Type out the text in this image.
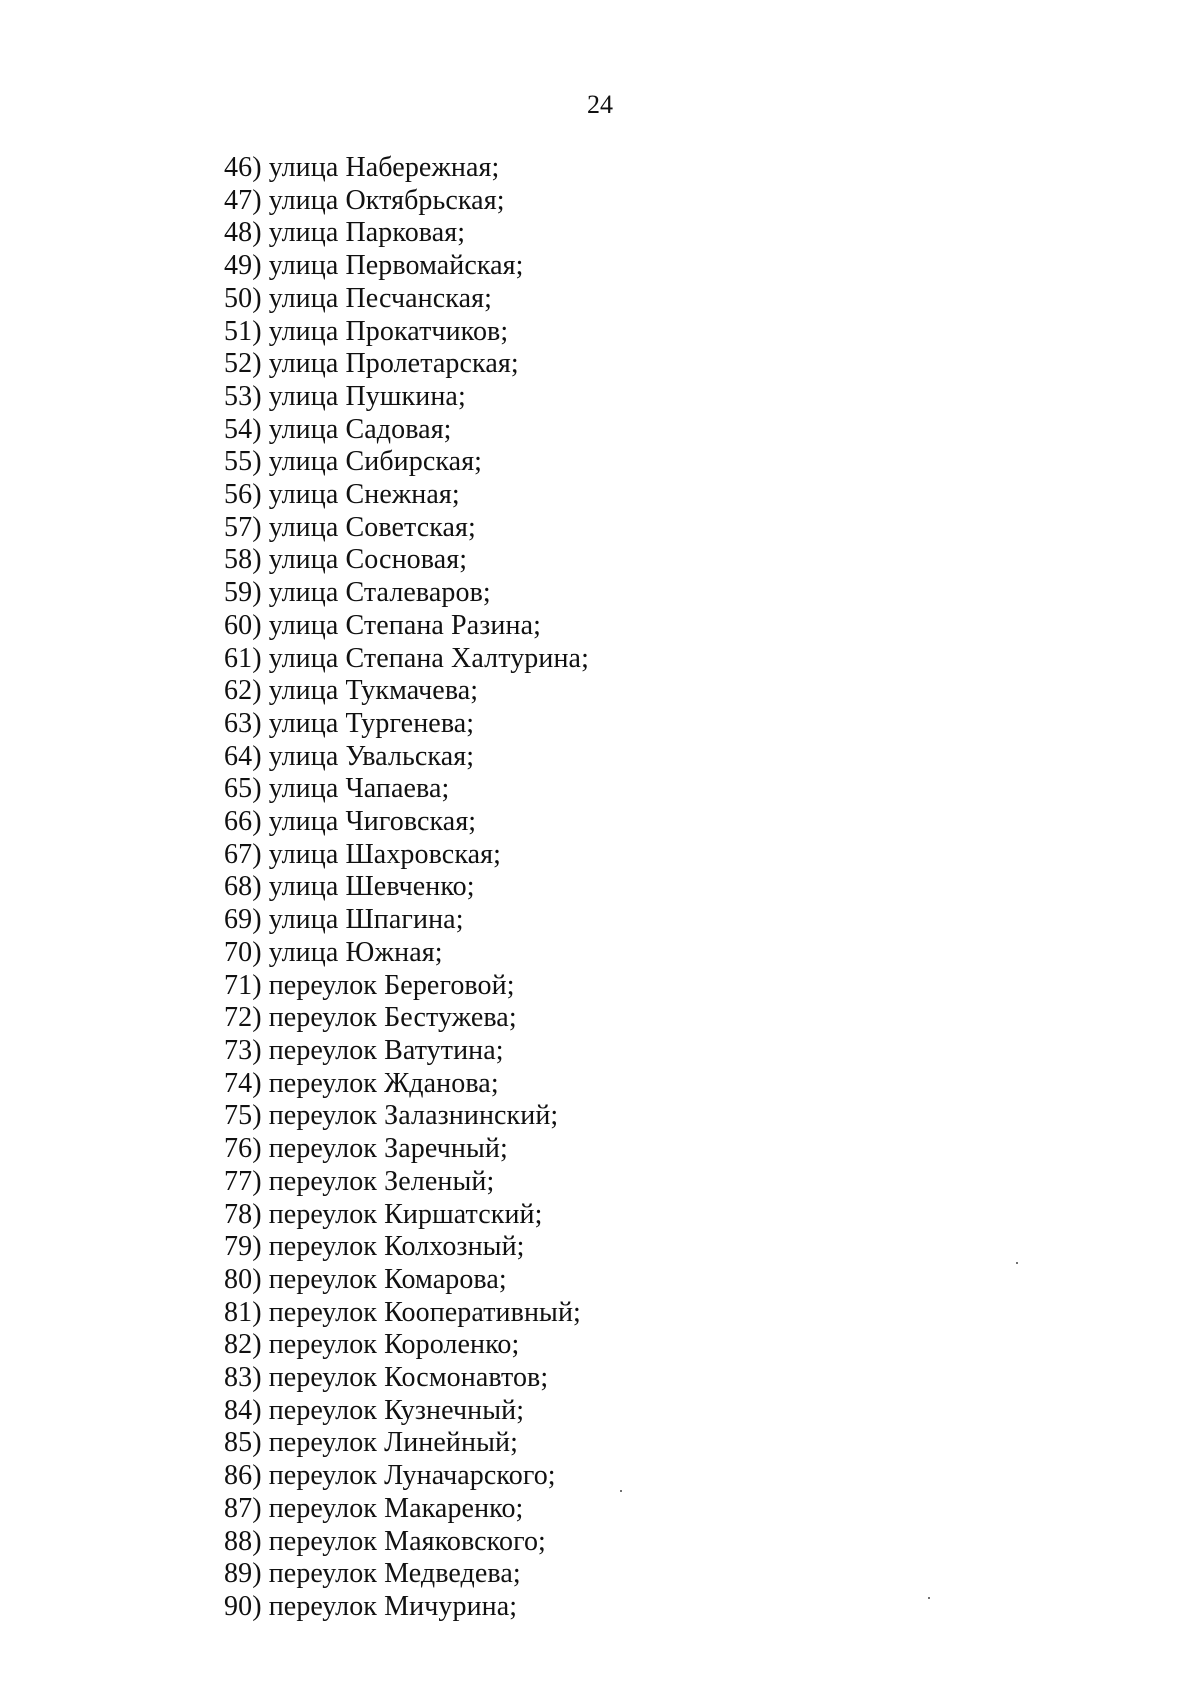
24
46) улица Набережная;
47) улица Октябрьская;
48) улица Парковая;
49) улица Первомайская;
50) улица Песчанская;
51) улица Прокатчиков;
52) улица Пролетарская;
53) улица Пушкина;
54) улица Садовая;
55) улица Сибирская;
56) улица Снежная;
57) улица Советская;
58) улица Сосновая;
59) улица Сталеваров;
60) улица Степана Разина;
61) улица Степана Халтурина;
62) улица Тукмачева;
63) улица Тургенева;
64) улица Увальская;
65) улица Чапаева;
66) улица Чиговская;
67) улица Шахровская;
68) улица Шевченко;
69) улица Шпагина;
70) улица Южная;
71) переулок Береговой;
72) переулок Бестужева;
73) переулок Ватутина;
74) переулок Жданова;
75) переулок Залазнинский;
76) переулок Заречный;
77) переулок Зеленый;
78) переулок Киршатский;
79) переулок Колхозный;
80) переулок Комарова;
81) переулок Кооперативный;
82) переулок Короленко;
83) переулок Космонавтов;
84) переулок Кузнечный;
85) переулок Линейный;
86) переулок Луначарского;
87) переулок Макаренко;
88) переулок Маяковского;
89) переулок Медведева;
90) переулок Мичурина;
